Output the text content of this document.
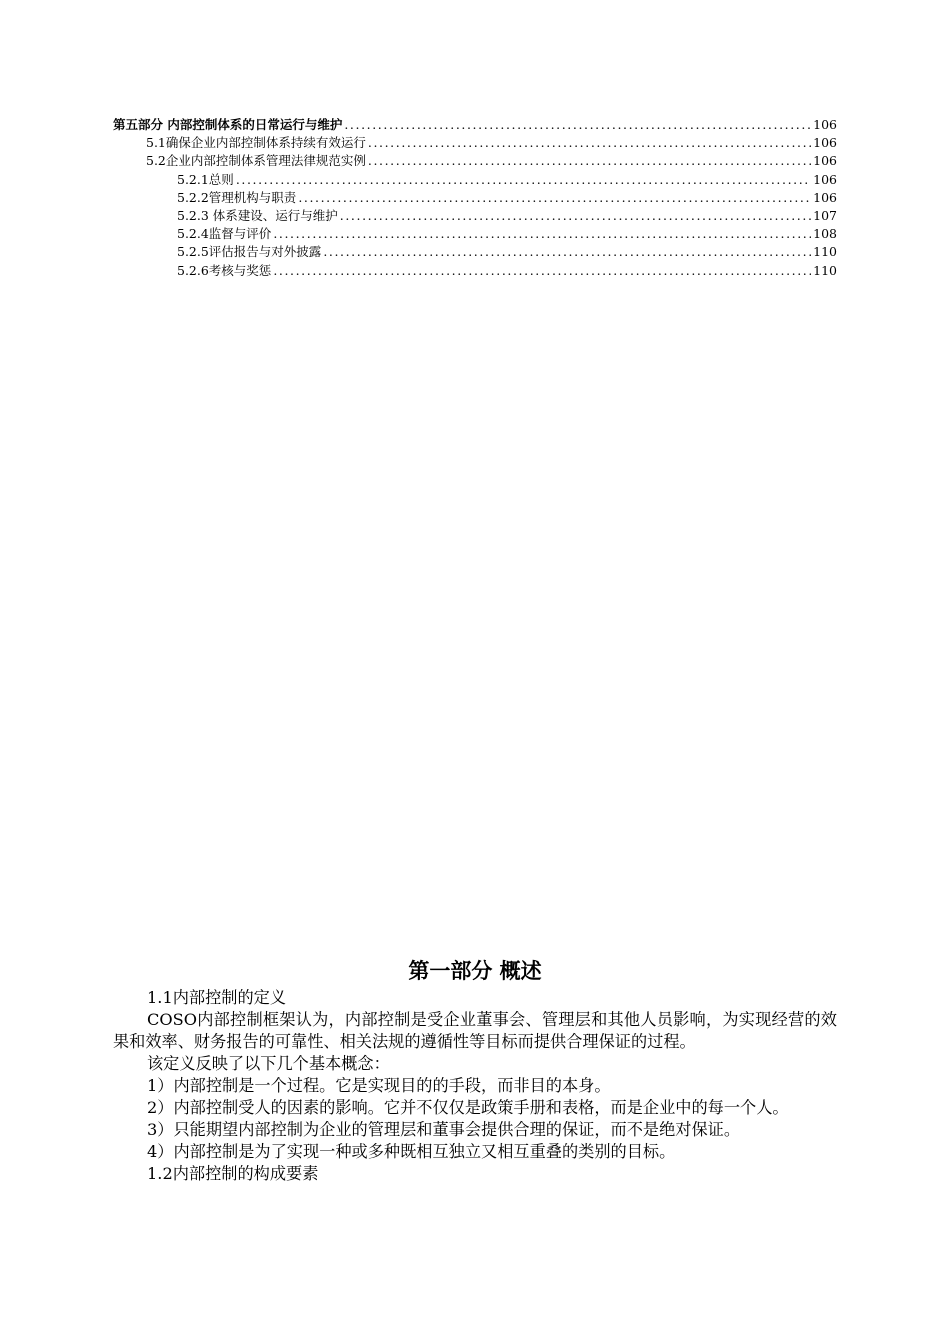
第五部分 内部控制体系的日常运行与维护 .....	106
5.1确保企业内部控制体系持续有效运行 .....	106
5.2企业内部控制体系管理法律规范实例 .....	106
5.2.1总则 .....	106
5.2.2管理机构与职责 .....	106
5.2.3 体系建设、运行与维护 .....	107
5.2.4监督与评价 .....	108
5.2.5评估报告与对外披露 .....	110
5.2.6考核与奖惩 .....	110
第一部分 概述

1.1内部控制的定义

COSO内部控制框架认为，内部控制是受企业董事会、管理层和其他人员影响，为实现经营的效果和效率、财务报告的可靠性、相关法规的遵循性等目标而提供合理保证的过程。

该定义反映了以下几个基本概念：

1）内部控制是一个过程。它是实现目的的手段，而非目的本身。

2）内部控制受人的因素的影响。它并不仅仅是政策手册和表格，而是企业中的每一个人。

3）只能期望内部控制为企业的管理层和董事会提供合理的保证，而不是绝对保证。

4）内部控制是为了实现一种或多种既相互独立又相互重叠的类别的目标。

1.2内部控制的构成要素
